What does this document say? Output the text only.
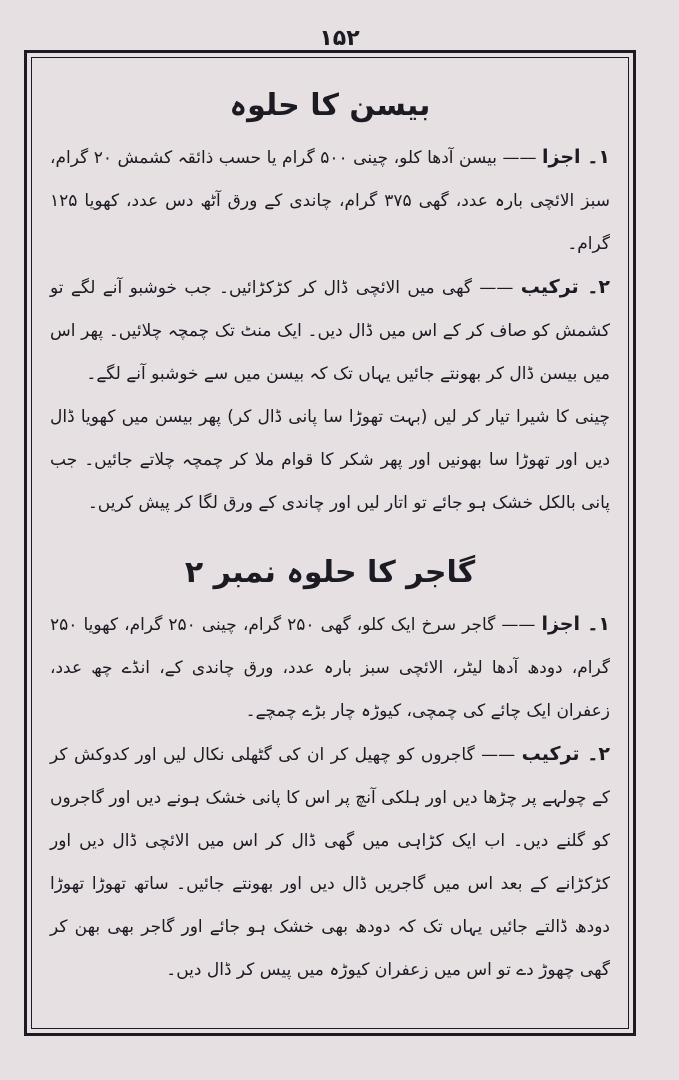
۱۵۲
بیسن کا حلوہ

۱۔ اجزا —— بیسن آدھا کلو، چینی ۵۰۰ گرام یا حسب ذائقہ کشمش ۲۰ گرام، سبز الائچی بارہ عدد، گھی ۳۷۵ گرام، چاندی کے ورق آٹھ دس عدد، کھویا ۱۲۵ گرام۔

۲۔ ترکیب —— گھی میں الائچی ڈال کر کڑکڑائیں۔ جب خوشبو آنے لگے تو کشمش کو صاف کر کے اس میں ڈال دیں۔ ایک منٹ تک چمچہ چلائیں۔ پھر اس میں بیسن ڈال کر بھونتے جائیں یہاں تک کہ بیسن میں سے خوشبو آنے لگے۔

چینی کا شیرا تیار کر لیں (بہت تھوڑا سا پانی ڈال کر) پھر بیسن میں کھویا ڈال دیں اور تھوڑا سا بھونیں اور پھر شکر کا قوام ملا کر چمچہ چلاتے جائیں۔ جب پانی بالکل خشک ہو جائے تو اتار لیں اور چاندی کے ورق لگا کر پیش کریں۔

گاجر کا حلوہ نمبر ۲

۱۔ اجزا —— گاجر سرخ ایک کلو، گھی ۲۵۰ گرام، چینی ۲۵۰ گرام، کھویا ۲۵۰ گرام، دودھ آدھا لیٹر، الائچی سبز بارہ عدد، ورق چاندی کے، انڈے چھ عدد، زعفران ایک چائے کی چمچی، کیوڑہ چار بڑے چمچے۔

۲۔ ترکیب —— گاجروں کو چھیل کر ان کی گٹھلی نکال لیں اور کدوکش کر کے چولہے پر چڑھا دیں اور ہلکی آنچ پر اس کا پانی خشک ہونے دیں اور گاجروں کو گلنے دیں۔ اب ایک کڑاہی میں گھی ڈال کر اس میں الائچی ڈال دیں اور کڑکڑانے کے بعد اس میں گاجریں ڈال دیں اور بھونتے جائیں۔ ساتھ تھوڑا تھوڑا دودھ ڈالتے جائیں یہاں تک کہ دودھ بھی خشک ہو جائے اور گاجر بھی بھن کر گھی چھوڑ دے تو اس میں زعفران کیوڑہ میں پیس کر ڈال دیں۔
